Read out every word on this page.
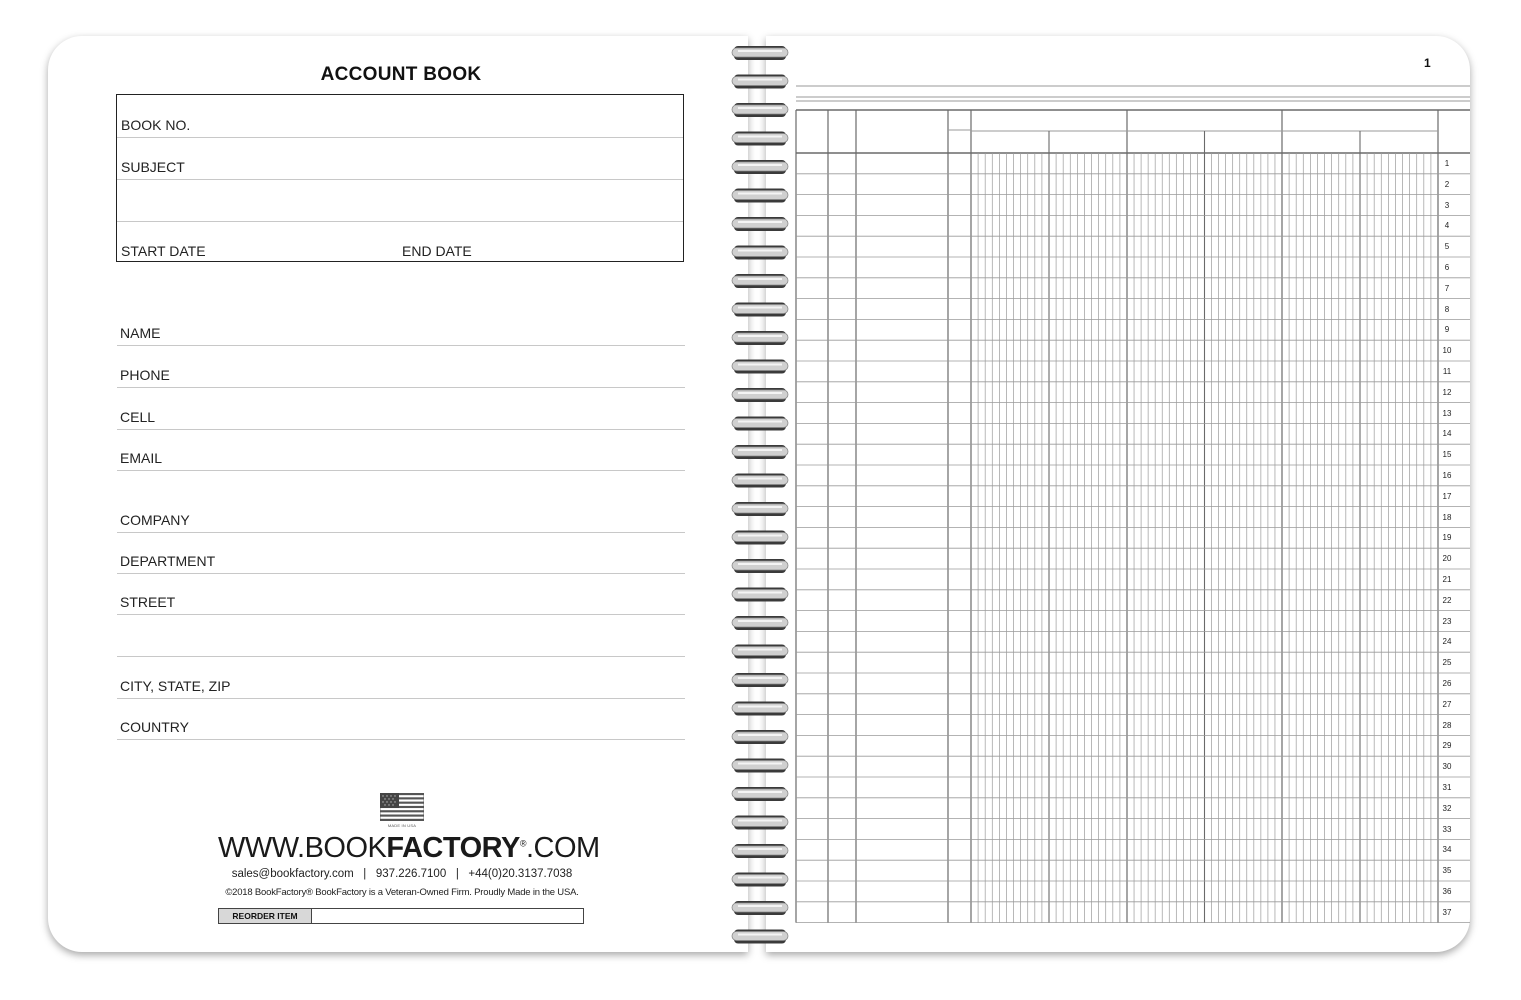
ACCOUNT BOOK
BOOK NO.
SUBJECT
START DATE	END DATE
NAME
PHONE
CELL
EMAIL
COMPANY
DEPARTMENT
STREET
CITY, STATE, ZIP
COUNTRY
MADE IN USA
WWW.BOOKFACTORY®.COM
sales@bookfactory.com   |   937.226.7100   |   +44(0)20.3137.7038
©2018 BookFactory® BookFactory is a Veteran-Owned Firm. Proudly Made in the USA.
REORDER ITEM
1
1
2
3
4
5
6
7
8
9
10
11
12
13
14
15
16
17
18
19
20
21
22
23
24
25
26
27
28
29
30
31
32
33
34
35
36
37
